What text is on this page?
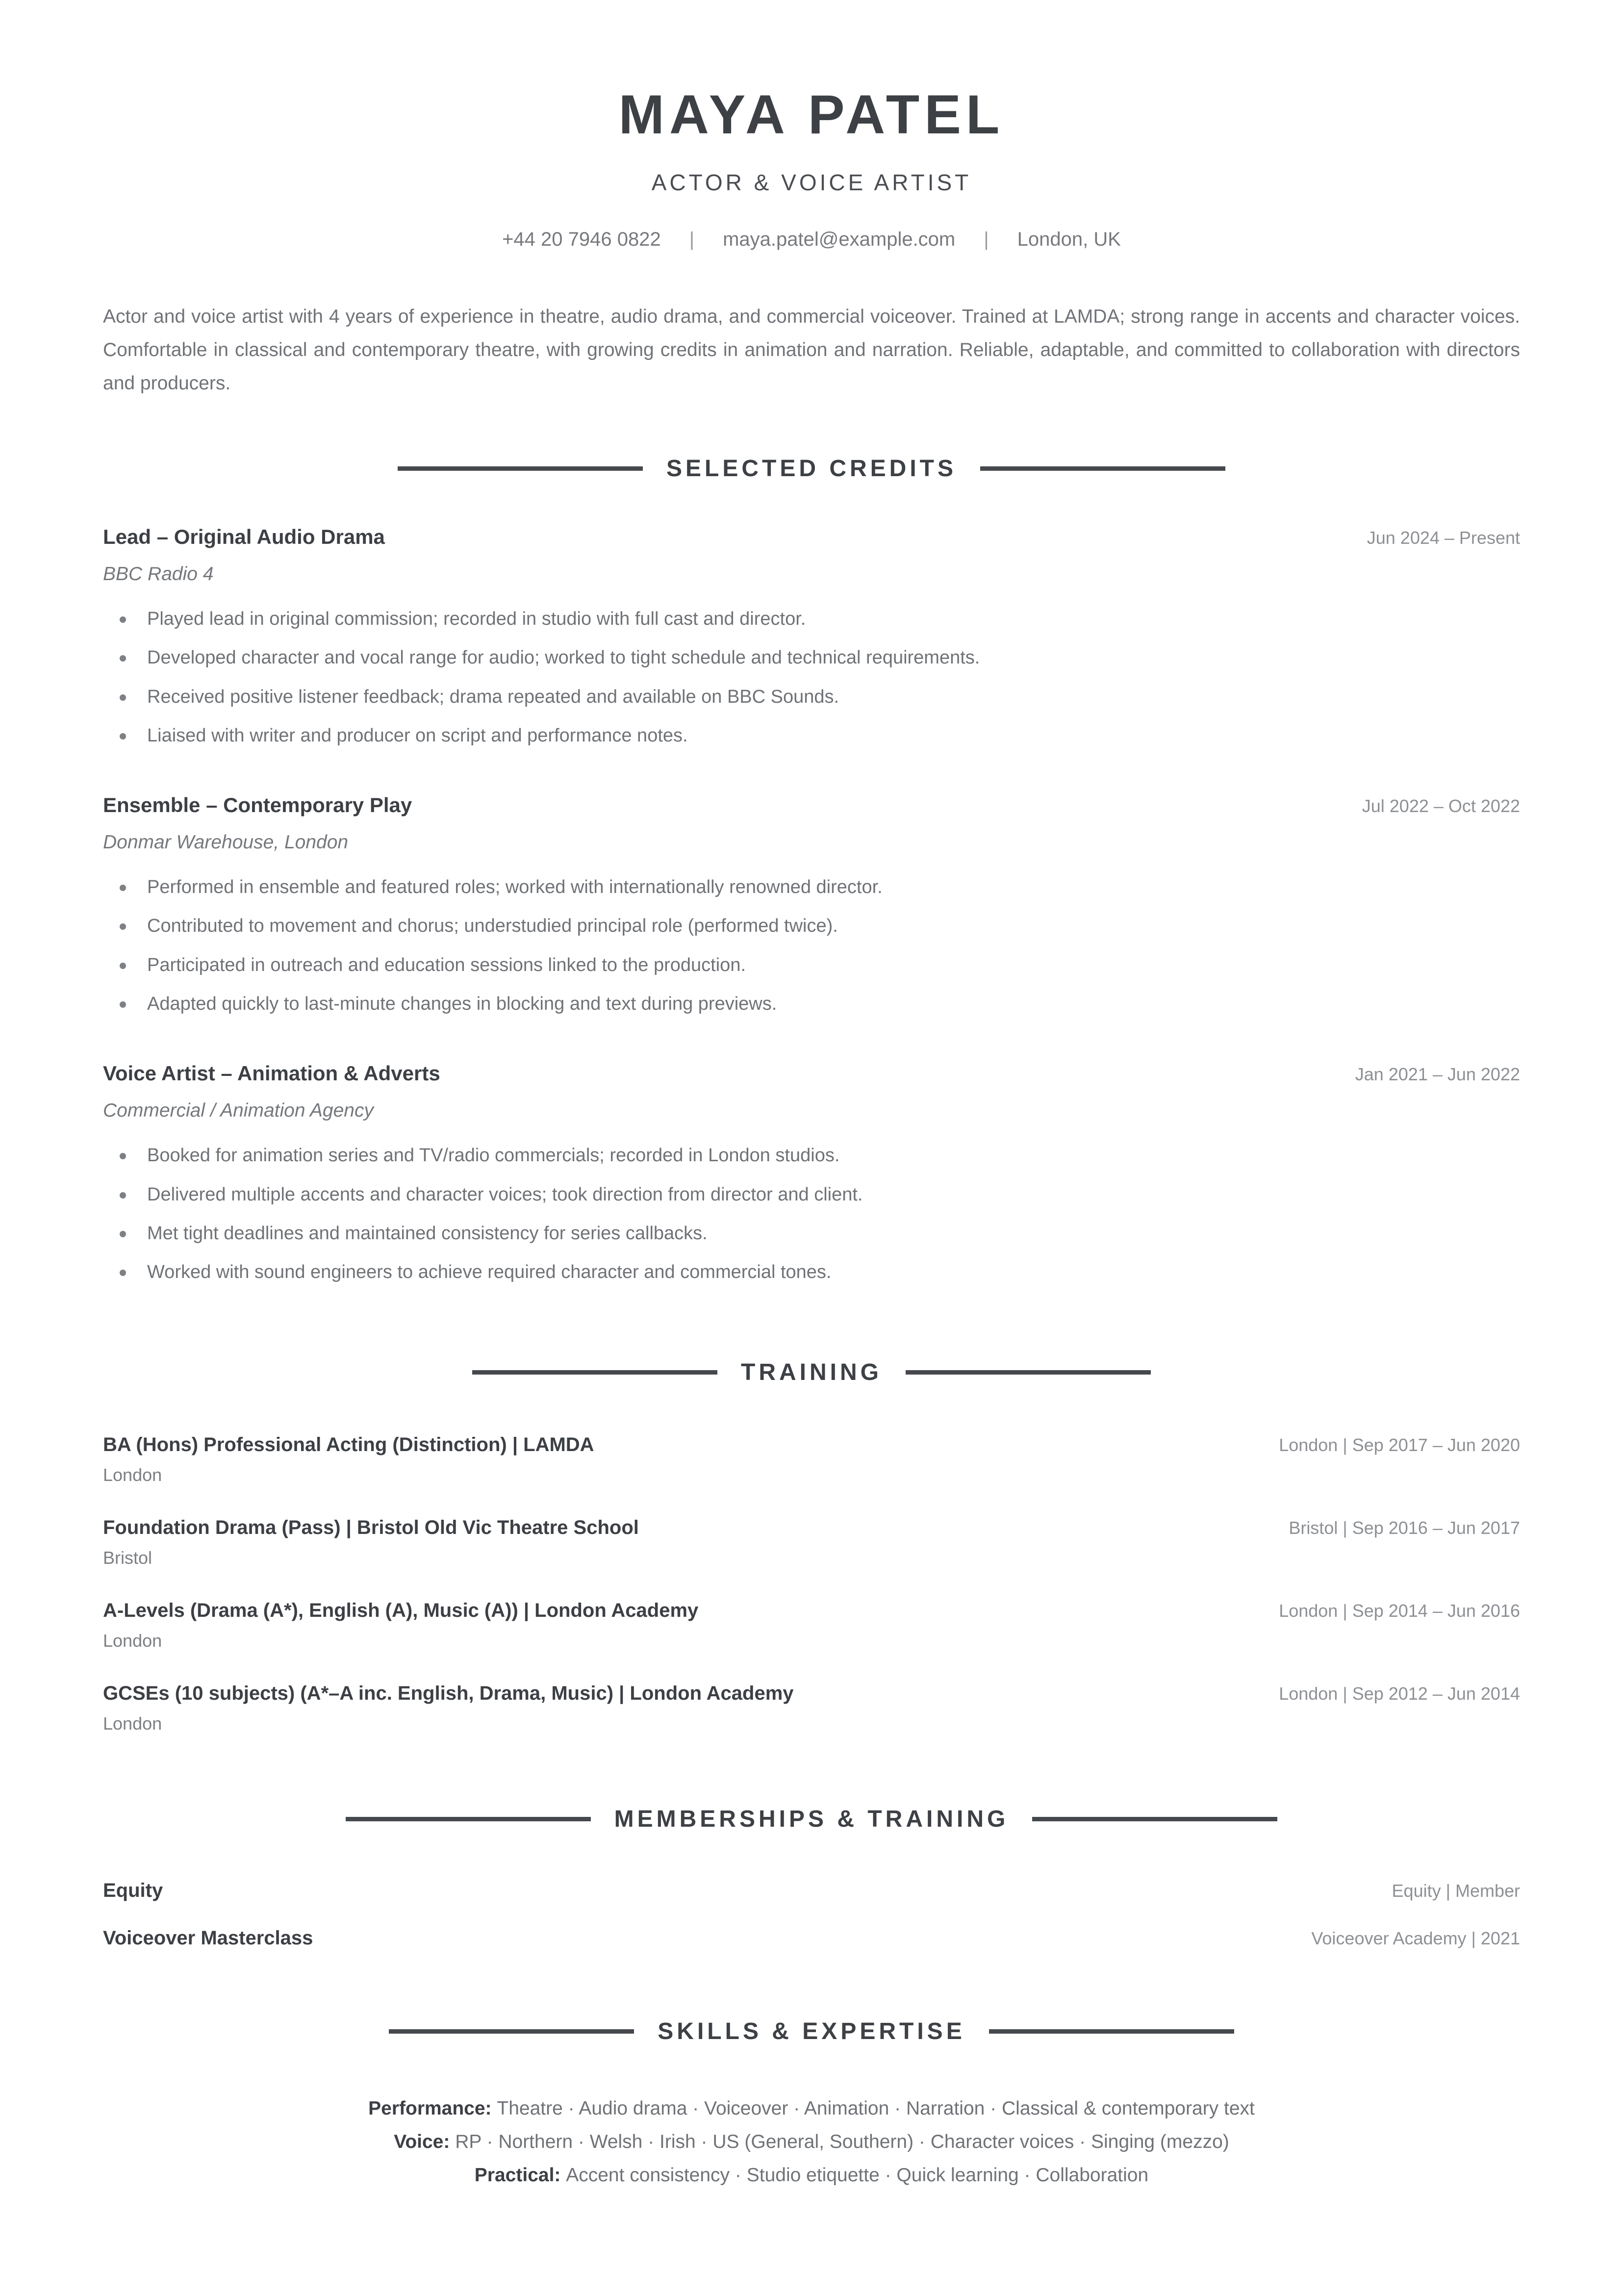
MAYA PATEL
ACTOR & VOICE ARTIST
+44 20 7946 0822 | maya.patel@example.com | London, UK

Actor and voice artist with 4 years of experience in theatre, audio drama, and commercial voiceover. Trained at LAMDA; strong range in accents and character voices. Comfortable in classical and contemporary theatre, with growing credits in animation and narration. Reliable, adaptable, and committed to collaboration with directors and producers.

SELECTED CREDITS
Lead – Original Audio Drama	Jun 2024 – Present
BBC Radio 4
Played lead in original commission; recorded in studio with full cast and director.
Developed character and vocal range for audio; worked to tight schedule and technical requirements.
Received positive listener feedback; drama repeated and available on BBC Sounds.
Liaised with writer and producer on script and performance notes.
Ensemble – Contemporary Play	Jul 2022 – Oct 2022
Donmar Warehouse, London
Performed in ensemble and featured roles; worked with internationally renowned director.
Contributed to movement and chorus; understudied principal role (performed twice).
Participated in outreach and education sessions linked to the production.
Adapted quickly to last-minute changes in blocking and text during previews.
Voice Artist – Animation & Adverts	Jan 2021 – Jun 2022
Commercial / Animation Agency
Booked for animation series and TV/radio commercials; recorded in London studios.
Delivered multiple accents and character voices; took direction from director and client.
Met tight deadlines and maintained consistency for series callbacks.
Worked with sound engineers to achieve required character and commercial tones.
TRAINING
BA (Hons) Professional Acting (Distinction) | LAMDA	London | Sep 2017 – Jun 2020
London
Foundation Drama (Pass) | Bristol Old Vic Theatre School	Bristol | Sep 2016 – Jun 2017
Bristol
A-Levels (Drama (A*), English (A), Music (A)) | London Academy	London | Sep 2014 – Jun 2016
London
GCSEs (10 subjects) (A*–A inc. English, Drama, Music) | London Academy	London | Sep 2012 – Jun 2014
London
MEMBERSHIPS & TRAINING
Equity	Equity | Member
Voiceover Masterclass	Voiceover Academy | 2021
SKILLS & EXPERTISE
Performance: Theatre · Audio drama · Voiceover · Animation · Narration · Classical & contemporary text
Voice: RP · Northern · Welsh · Irish · US (General, Southern) · Character voices · Singing (mezzo)
Practical: Accent consistency · Studio etiquette · Quick learning · Collaboration
